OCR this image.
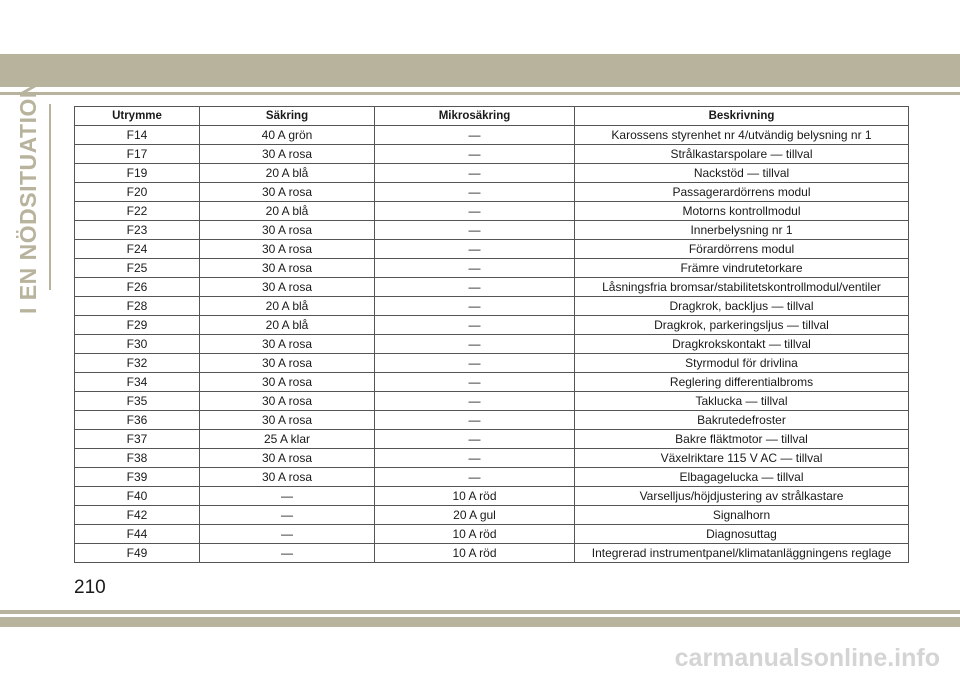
I EN NÖDSITUATION	Utrymme	Säkring	Mikrosäkring	Beskrivning
F14	40 A grön	—	Karossens styrenhet nr 4/utvändig belysning nr 1
F17	30 A rosa	—	Strålkastarspolare — tillval
F19	20 A blå	—	Nackstöd — tillval
F20	30 A rosa	—	Passagerardörrens modul
F22	20 A blå	—	Motorns kontrollmodul
F23	30 A rosa	—	Innerbelysning nr 1
F24	30 A rosa	—	Förardörrens modul
F25	30 A rosa	—	Främre vindrutetorkare
F26	30 A rosa	—	Låsningsfria bromsar/stabilitetskontrollmodul/ventiler
F28	20 A blå	—	Dragkrok, backljus — tillval
F29	20 A blå	—	Dragkrok, parkeringsljus — tillval
F30	30 A rosa	—	Dragkrokskontakt — tillval
F32	30 A rosa	—	Styrmodul för drivlina
F34	30 A rosa	—	Reglering differentialbroms
F35	30 A rosa	—	Taklucka — tillval
F36	30 A rosa	—	Bakrutedefroster
F37	25 A klar	—	Bakre fläktmotor — tillval
F38	30 A rosa	—	Växelriktare 115 V AC — tillval
F39	30 A rosa	—	Elbagagelucka — tillval
F40	—	10 A röd	Varselljus/höjdjustering av strålkastare
F42	—	20 A gul	Signalhorn
F44	—	10 A röd	Diagnosuttag
F49	—	10 A röd	Integrerad instrumentpanel/klimatanläggningens reglage
210
carmanualsonline.info
